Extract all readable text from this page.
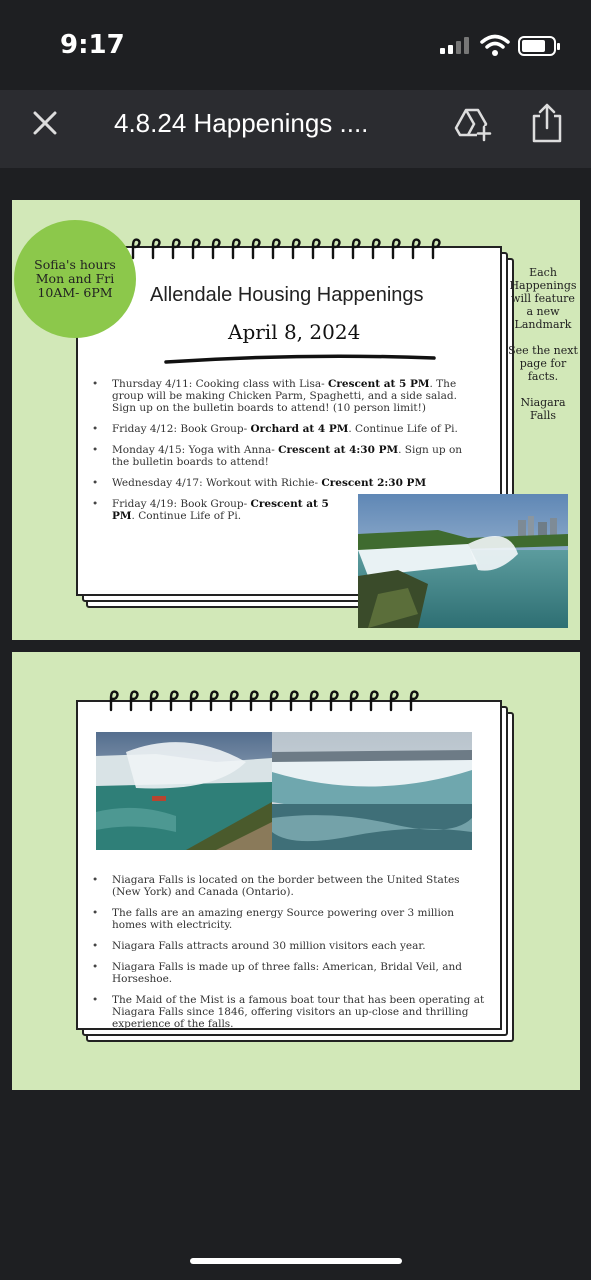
9:17
4.8.24 Happenings ....
Sofia's hours
Mon and Fri
10AM- 6PM

Each Happenings will feature a new Landmark

See the next page for facts.

Niagara Falls

Allendale Housing Happenings
April 8, 2024
• Thursday 4/11: Cooking class with Lisa- Crescent at 5 PM. The group will be making Chicken Parm, Spaghetti, and a side salad. Sign up on the bulletin boards to attend! (10 person limit!)
• Friday 4/12: Book Group- Orchard at 4 PM. Continue Life of Pi.
• Monday 4/15: Yoga with Anna- Crescent at 4:30 PM. Sign up on the bulletin boards to attend!
• Wednesday 4/17: Workout with Richie- Crescent 2:30 PM
• Friday 4/19: Book Group- Crescent at 5 PM. Continue Life of Pi.
• Niagara Falls is located on the border between the United States (New York) and Canada (Ontario).
• The falls are an amazing energy Source powering over 3 million homes with electricity.
• Niagara Falls attracts around 30 million visitors each year.
• Niagara Falls is made up of three falls: American, Bridal Veil, and Horseshoe.
• The Maid of the Mist is a famous boat tour that has been operating at Niagara Falls since 1846, offering visitors an up-close and thrilling experience of the falls.
